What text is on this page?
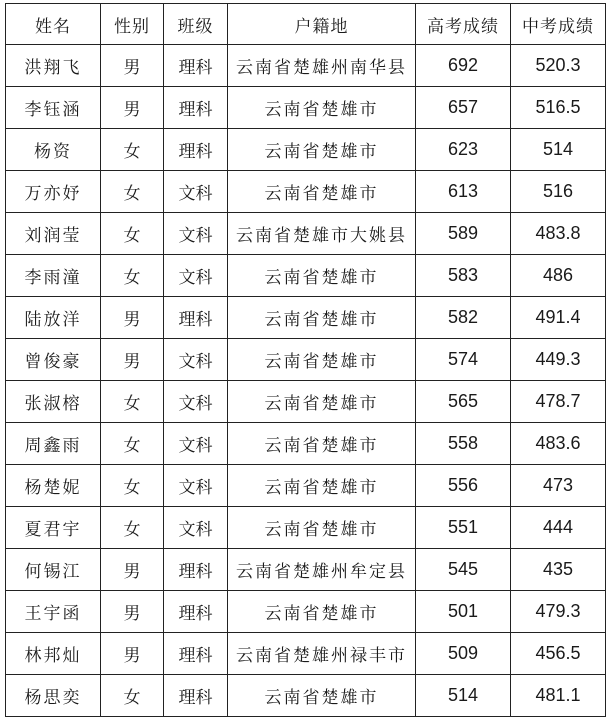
姓名	性别	班级	户籍地	高考成绩	中考成绩
洪翔飞	男	理科	云南省楚雄州南华县	692	520.3
李钰涵	男	理科	云南省楚雄市	657	516.5
杨资	女	理科	云南省楚雄市	623	514
万亦妤	女	文科	云南省楚雄市	613	516
刘润莹	女	文科	云南省楚雄市大姚县	589	483.8
李雨潼	女	文科	云南省楚雄市	583	486
陆放洋	男	理科	云南省楚雄市	582	491.4
曾俊豪	男	文科	云南省楚雄市	574	449.3
张淑榕	女	文科	云南省楚雄市	565	478.7
周鑫雨	女	文科	云南省楚雄市	558	483.6
杨楚妮	女	文科	云南省楚雄市	556	473
夏君宇	女	文科	云南省楚雄市	551	444
何锡江	男	理科	云南省楚雄州牟定县	545	435
王宇函	男	理科	云南省楚雄市	501	479.3
林邦灿	男	理科	云南省楚雄州禄丰市	509	456.5
杨思奕	女	理科	云南省楚雄市	514	481.1
